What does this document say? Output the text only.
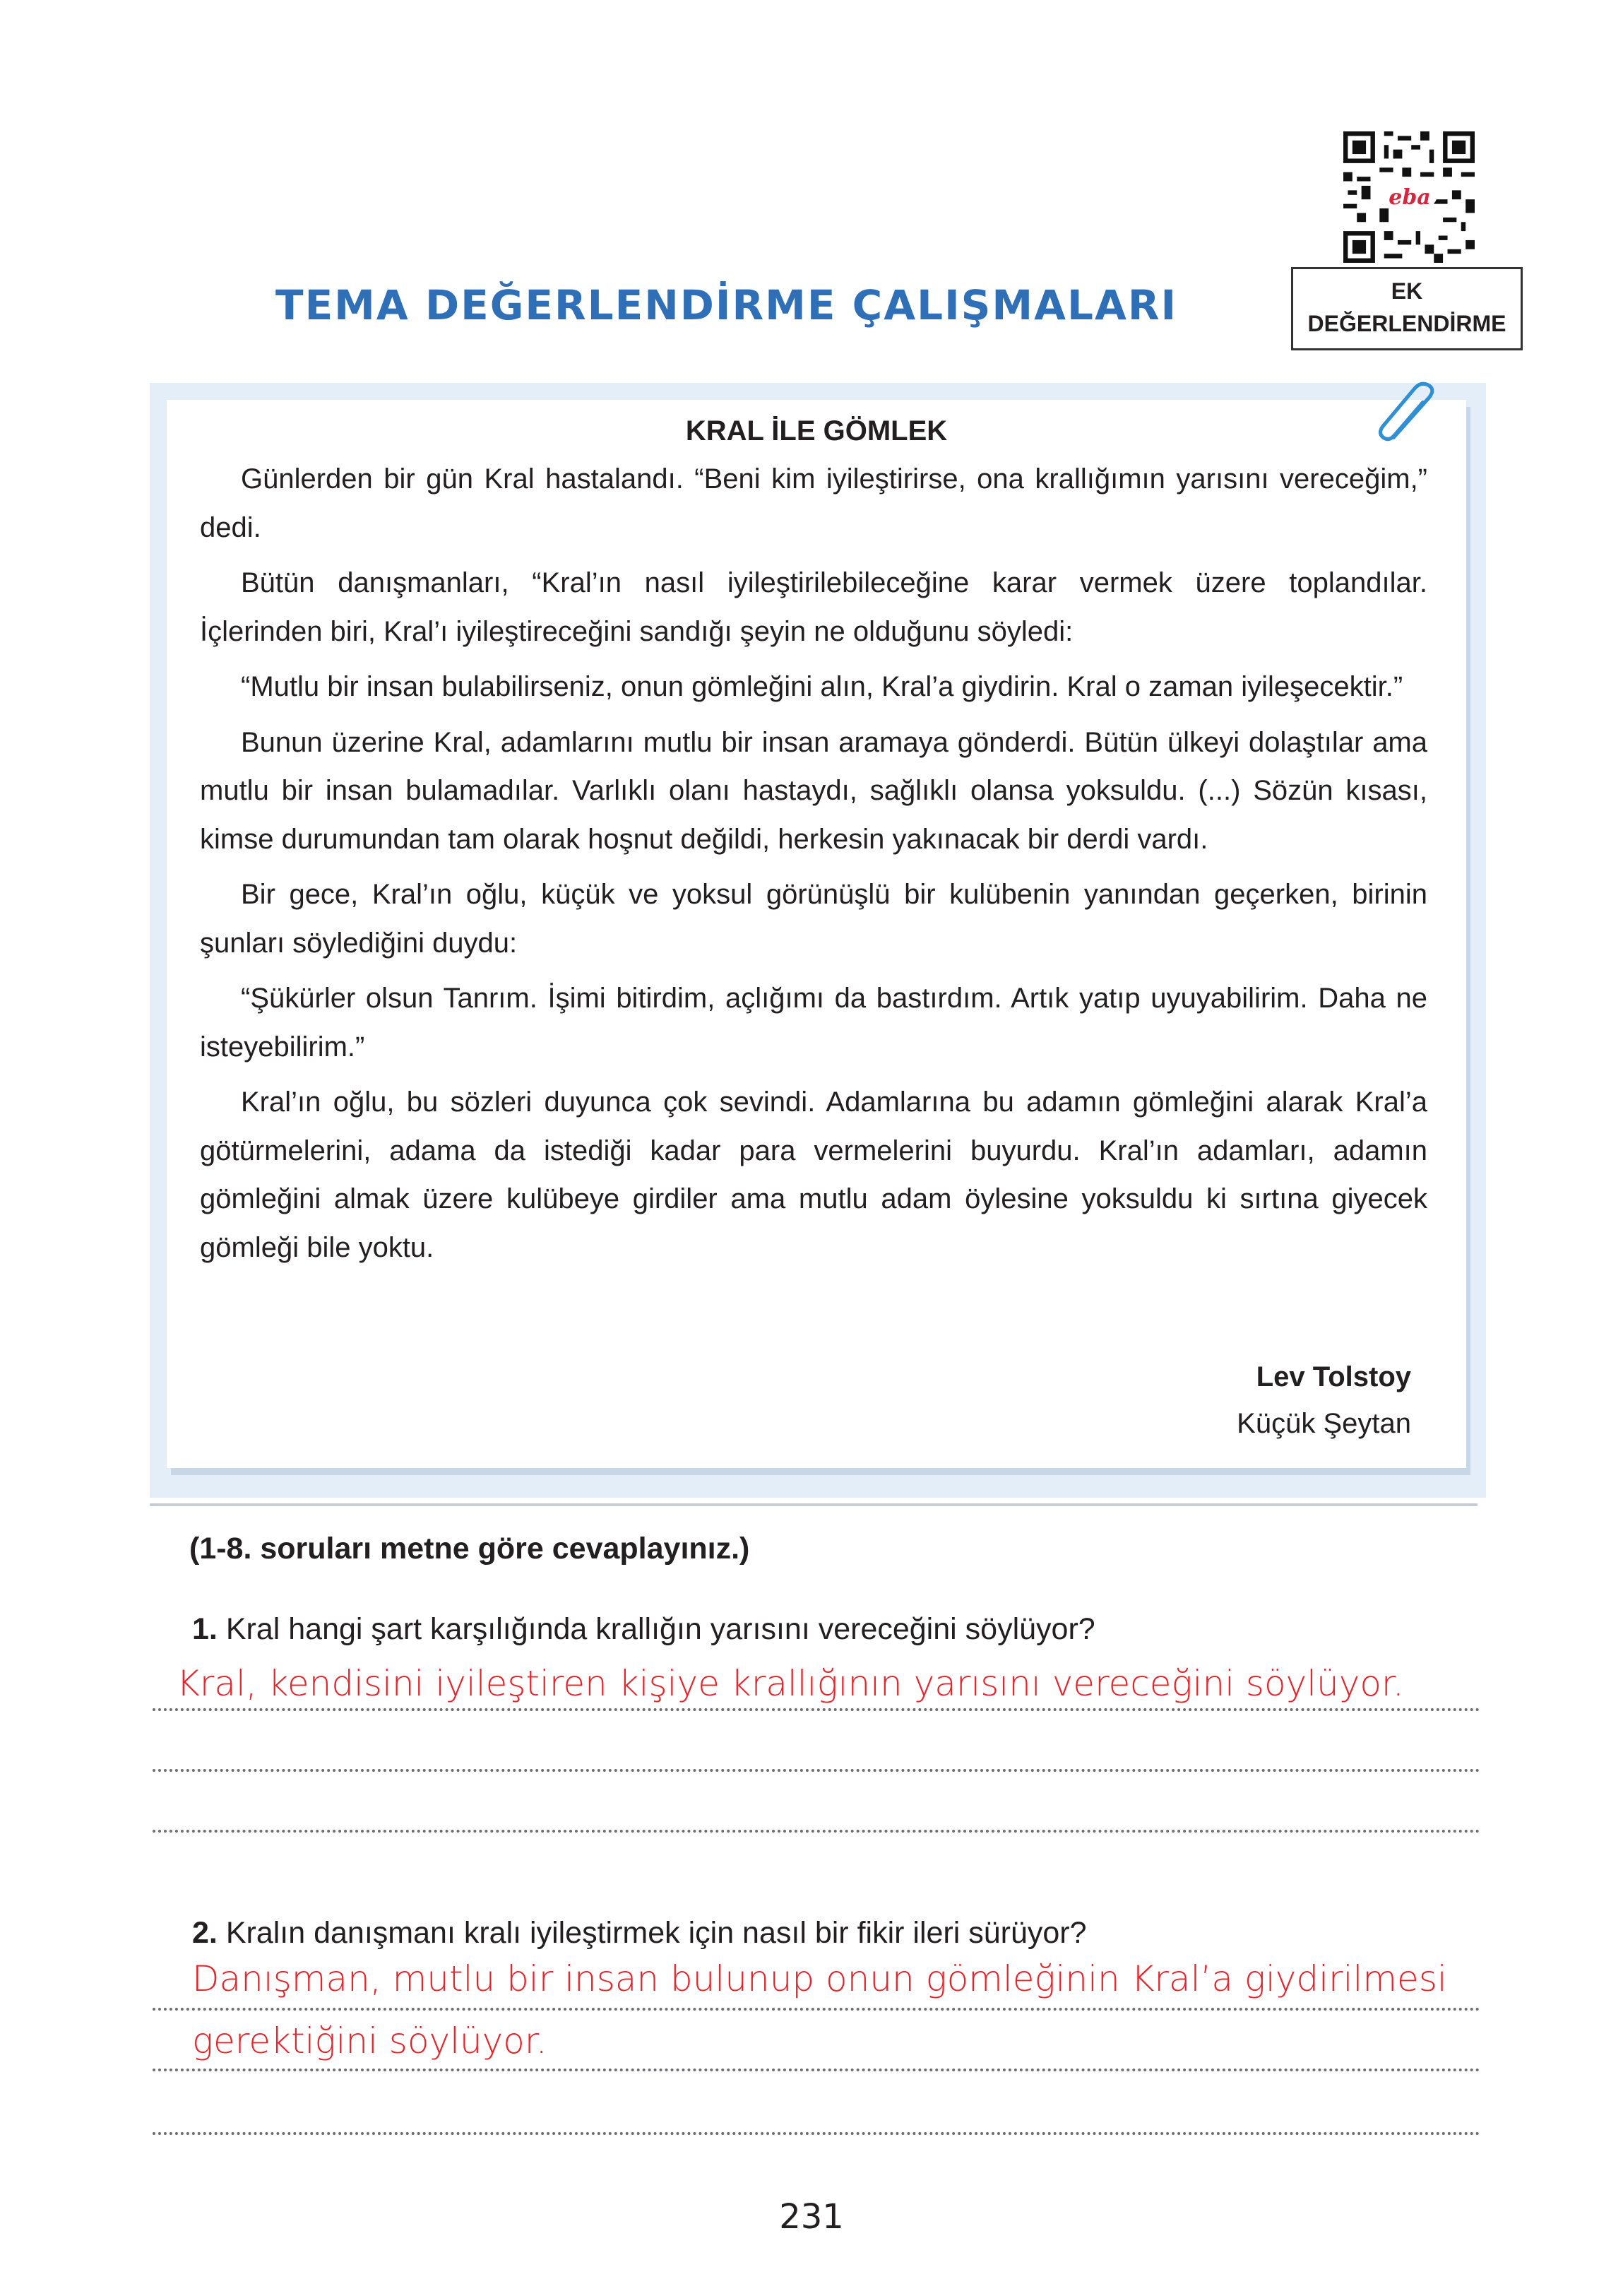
eba
TEMA DEĞERLENDİRME ÇALIŞMALARI	EK
DEĞERLENDİRME
KRAL İLE GÖMLEK

Günlerden bir gün Kral hastalandı. “Beni kim iyileştirirse, ona krallığımın yarısını vereceğim,” dedi.

Bütün danışmanları, “Kral’ın nasıl iyileştirilebileceğine karar vermek üzere toplandılar. İçlerinden biri, Kral’ı iyileştireceğini sandığı şeyin ne olduğunu söyledi:

“Mutlu bir insan bulabilirseniz, onun gömleğini alın, Kral’a giydirin. Kral o zaman iyileşecektir.”

Bunun üzerine Kral, adamlarını mutlu bir insan aramaya gönderdi. Bütün ülkeyi dolaştılar ama mutlu bir insan bulamadılar. Varlıklı olanı hastaydı, sağlıklı olansa yoksuldu. (...) Sözün kısası, kimse durumundan tam olarak hoşnut değildi, herkesin yakınacak bir derdi vardı.

Bir gece, Kral’ın oğlu, küçük ve yoksul görünüşlü bir kulübenin yanından geçerken, birinin şunları söylediğini duydu:

“Şükürler olsun Tanrım. İşimi bitirdim, açlığımı da bastırdım. Artık yatıp uyuyabilirim. Daha ne isteyebilirim.”

Kral’ın oğlu, bu sözleri duyunca çok sevindi. Adamlarına bu adamın gömleğini alarak Kral’a götürmelerini, adama da istediği kadar para vermelerini buyurdu. Kral’ın adamları, adamın gömleğini almak üzere kulübeye girdiler ama mutlu adam öylesine yoksuldu ki sırtına giyecek gömleği bile yoktu.

Lev Tolstoy
Küçük Şeytan
(1-8. soruları metne göre cevaplayınız.)
1. Kral hangi şart karşılığında krallığın yarısını vereceğini söylüyor?
Kral, kendisini iyileştiren kişiye krallığının yarısını vereceğini söylüyor.
2. Kralın danışmanı kralı iyileştirmek için nasıl bir fikir ileri sürüyor?
Danışman, mutlu bir insan bulunup onun gömleğinin Kral’a giydirilmesi
gerektiğini söylüyor.
231
